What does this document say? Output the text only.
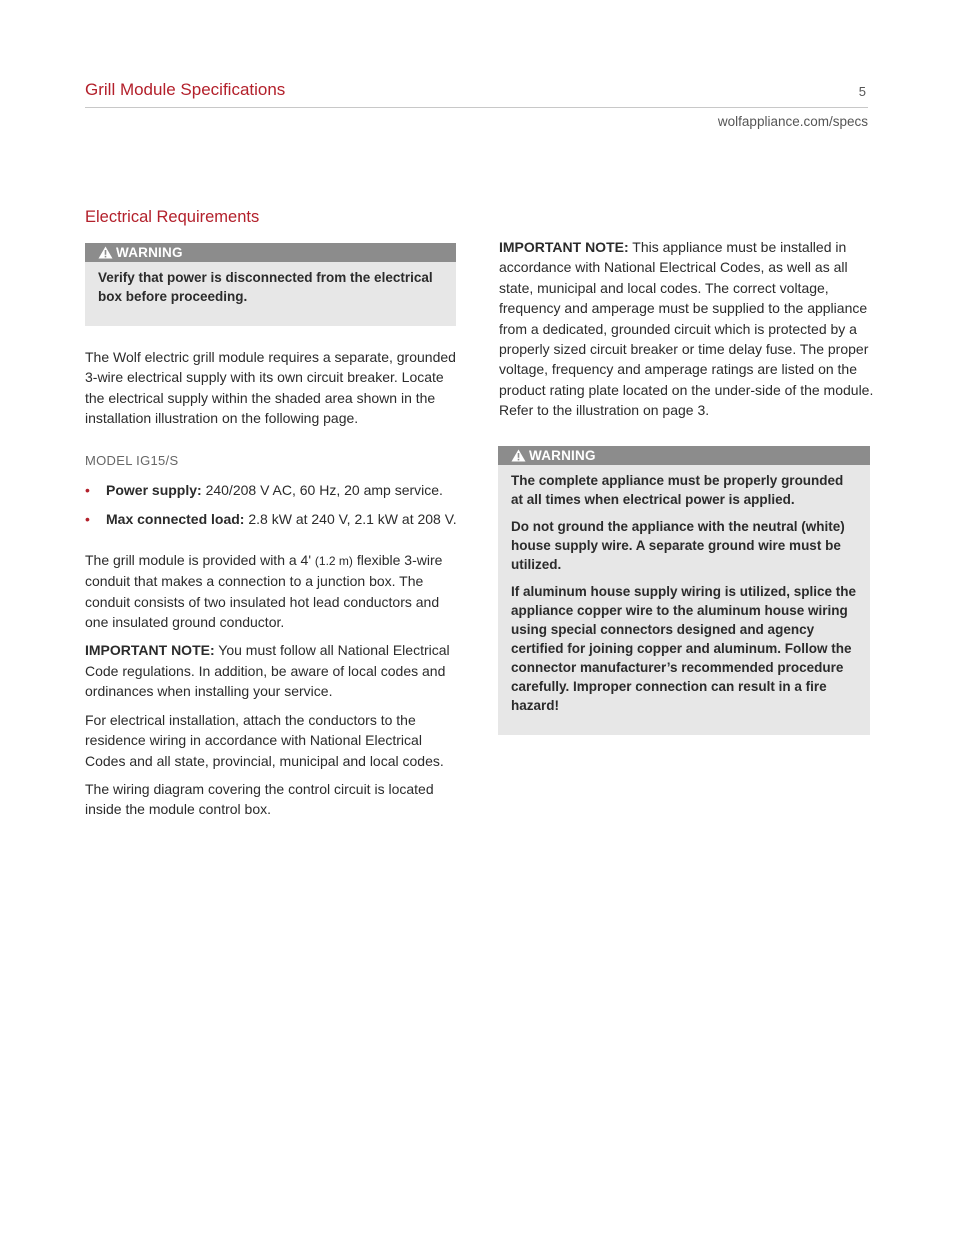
Grill Module Specifications	5
wolfappliance.com/specs
Electrical Requirements
WARNING

Verify that power is disconnected from the electrical box before proceeding.

The Wolf electric grill module requires a separate, grounded 3-wire electrical supply with its own circuit breaker. Locate the electrical supply within the shaded area shown in the installation illustration on the following page.

MODEL IG15/S

• Power supply: 240/208 V AC, 60 Hz, 20 amp service.
• Max connected load: 2.8 kW at 240 V, 2.1 kW at 208 V.

The grill module is provided with a 4' (1.2 m) flexible 3-wire conduit that makes a connection to a junction box. The conduit consists of two insulated hot lead conductors and one insulated ground conductor.

IMPORTANT NOTE: You must follow all National Electrical Code regulations. In addition, be aware of local codes and ordinances when installing your service.

For electrical installation, attach the conductors to the residence wiring in accordance with National Electrical Codes and all state, provincial, municipal and local codes.

The wiring diagram covering the control circuit is located inside the module control box.

IMPORTANT NOTE: This appliance must be installed in accordance with National Electrical Codes, as well as all state, municipal and local codes. The correct voltage, frequency and amperage must be supplied to the appliance from a dedicated, grounded circuit which is protected by a properly sized circuit breaker or time delay fuse. The proper voltage, frequency and amperage ratings are listed on the product rating plate located on the under-side of the module. Refer to the illustration on page 3.

WARNING

The complete appliance must be properly grounded at all times when electrical power is applied.

Do not ground the appliance with the neutral (white) house supply wire. A separate ground wire must be utilized.

If aluminum house supply wiring is utilized, splice the appliance copper wire to the aluminum house wiring using special connectors designed and agency certified for joining copper and aluminum. Follow the connector manufacturer’s recommended procedure carefully. Improper connection can result in a fire hazard!
